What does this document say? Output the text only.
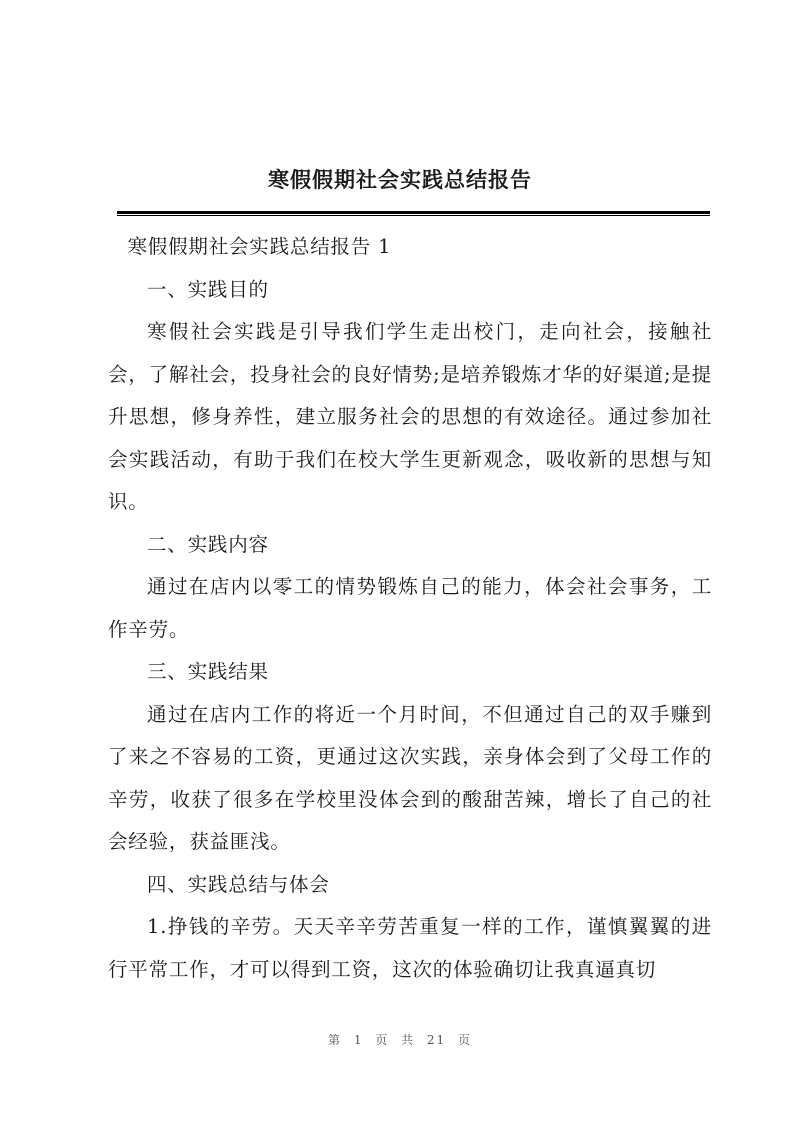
寒假假期社会实践总结报告

寒假假期社会实践总结报告 1

一、实践目的

寒假社会实践是引导我们学生走出校门，走向社会，接触社会，了解社会，投身社会的良好情势;是培养锻炼才华的好渠道;是提升思想，修身养性，建立服务社会的思想的有效途径。通过参加社会实践活动，有助于我们在校大学生更新观念，吸收新的思想与知识。

二、实践内容

通过在店内以零工的情势锻炼自己的能力，体会社会事务，工作辛劳。

三、实践结果

通过在店内工作的将近一个月时间，不但通过自己的双手赚到了来之不容易的工资，更通过这次实践，亲身体会到了父母工作的辛劳，收获了很多在学校里没体会到的酸甜苦辣，增长了自己的社会经验，获益匪浅。

四、实践总结与体会

1.挣钱的辛劳。天天辛辛劳苦重复一样的工作，谨慎翼翼的进行平常工作，才可以得到工资，这次的体验确切让我真逼真切

第 1 页 共 21 页
